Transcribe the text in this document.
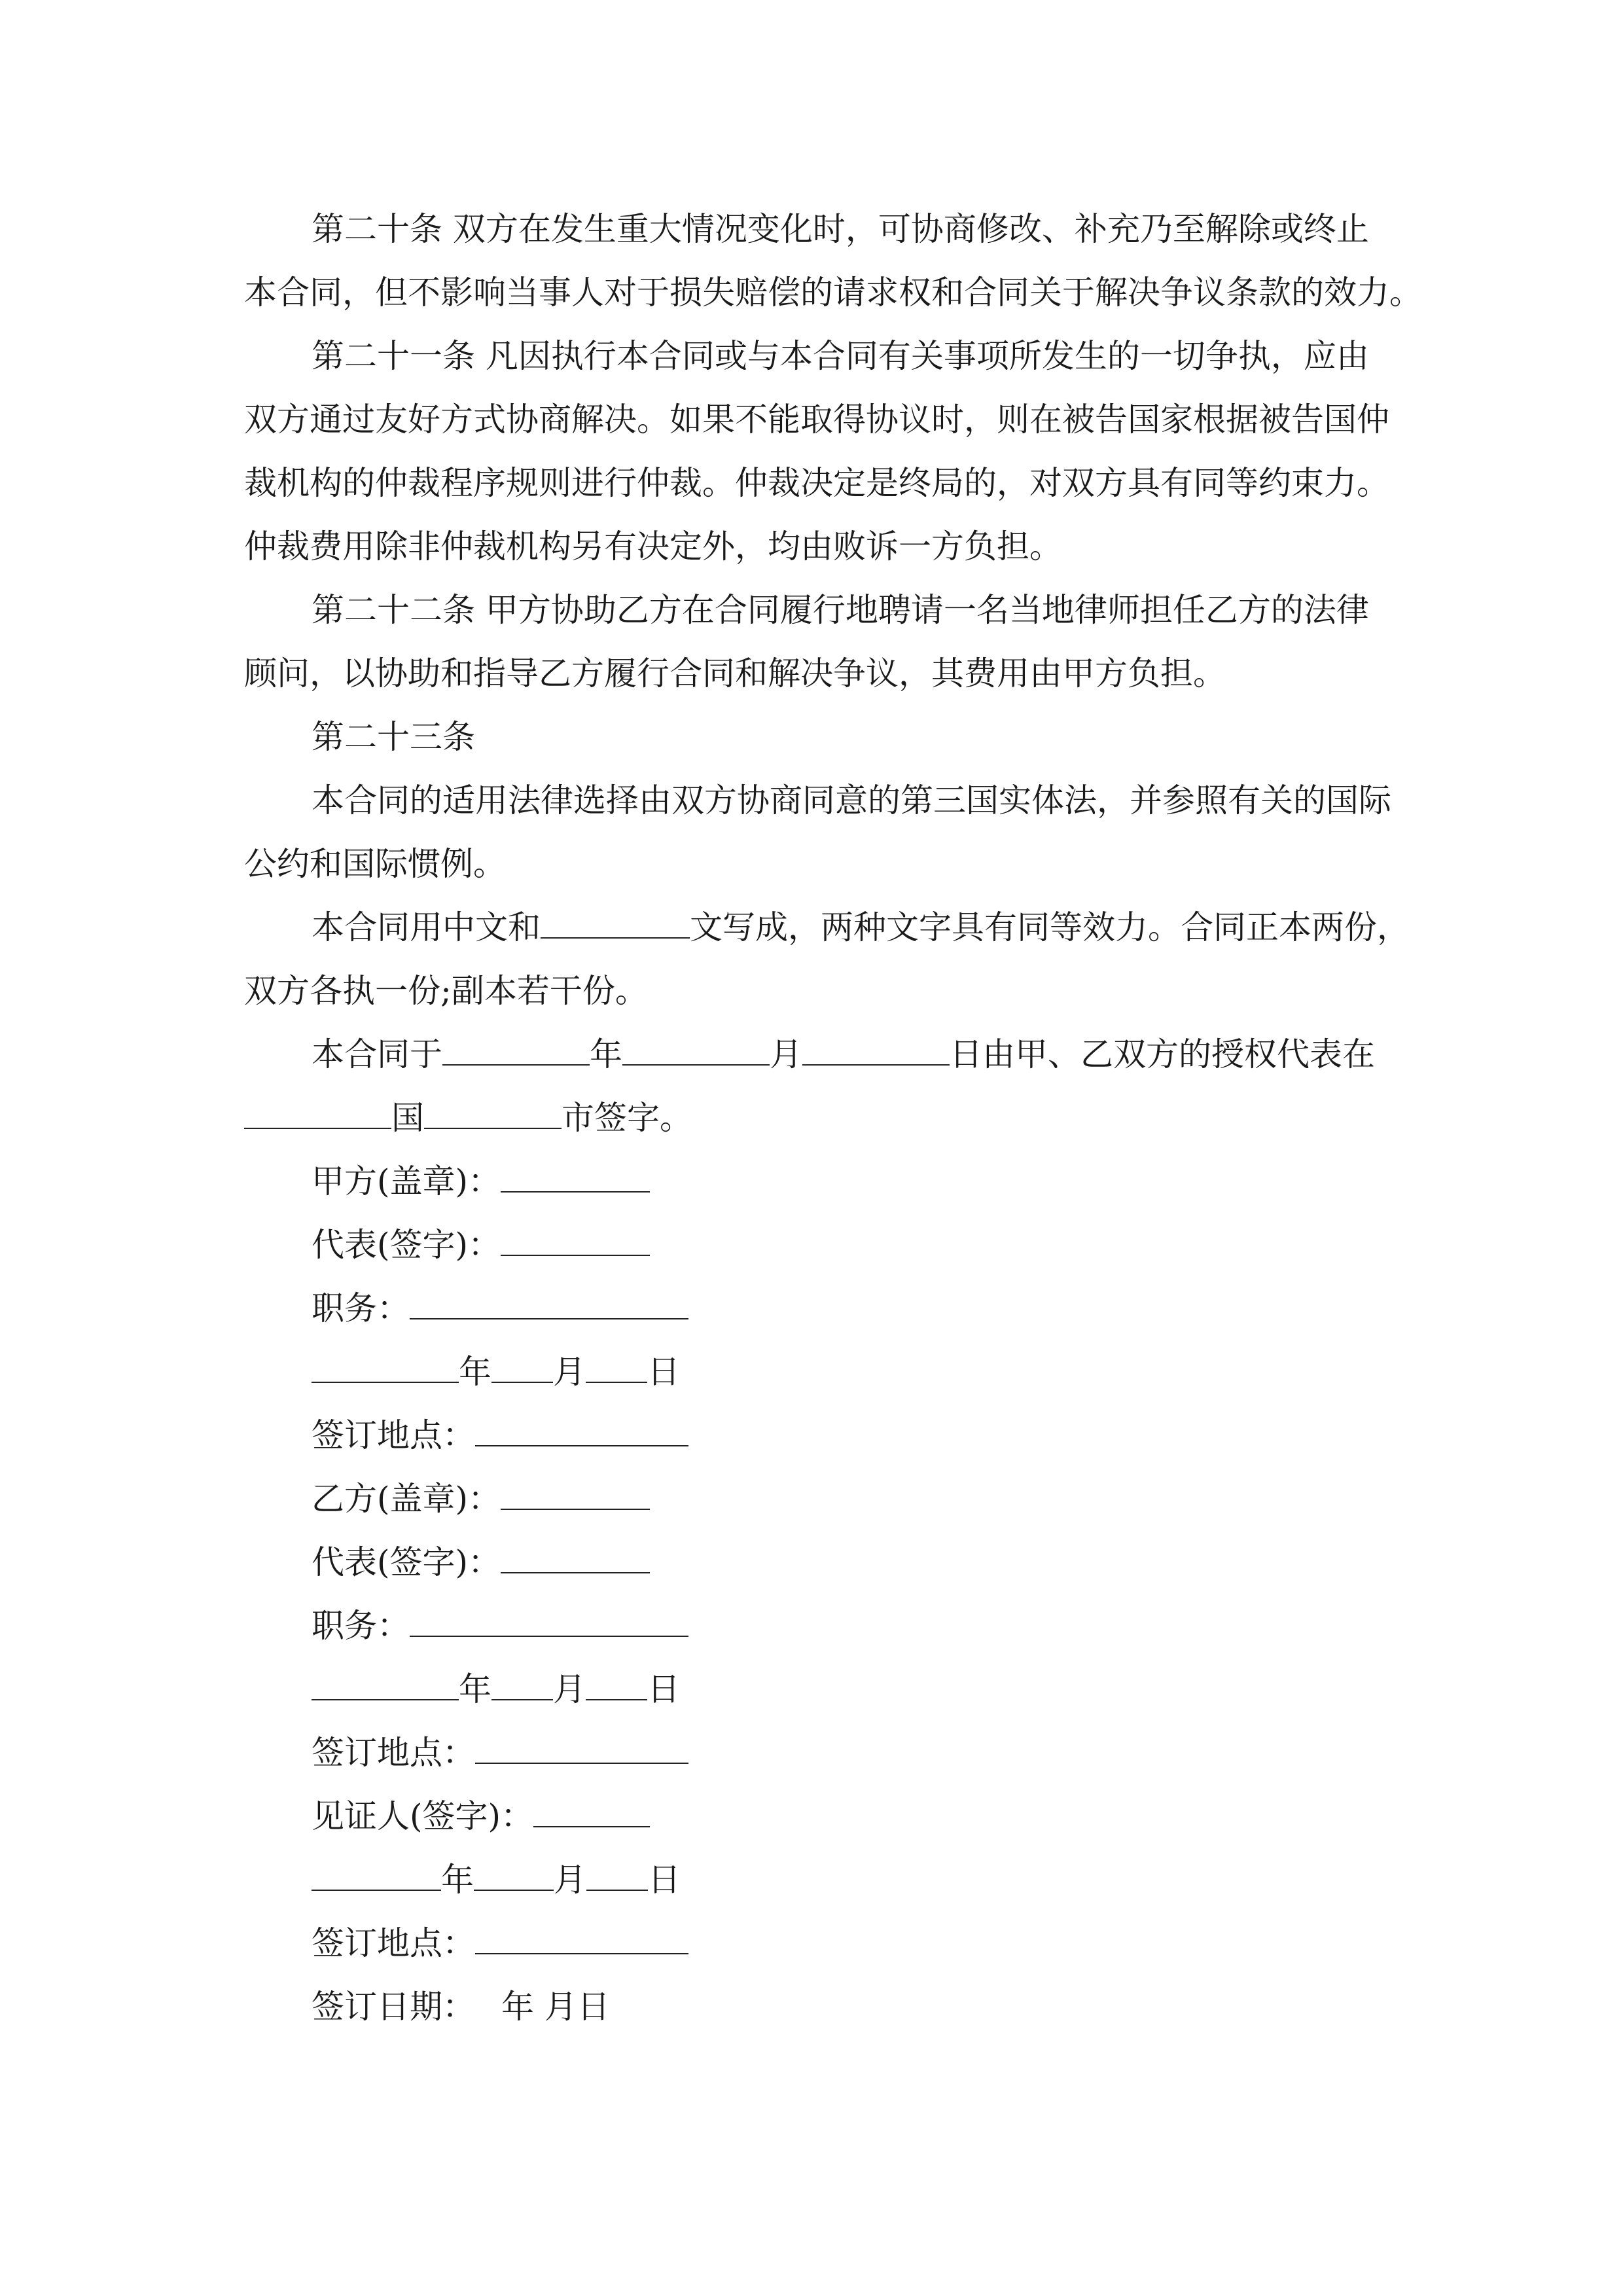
第二十条 双方在发生重大情况变化时，可协商修改、补充乃至解除或终止
本合同，但不影响当事人对于损失赔偿的请求权和合同关于解决争议条款的效力。
第二十一条 凡因执行本合同或与本合同有关事项所发生的一切争执，应由
双方通过友好方式协商解决。如果不能取得协议时，则在被告国家根据被告国仲
裁机构的仲裁程序规则进行仲裁。仲裁决定是终局的，对双方具有同等约束力。
仲裁费用除非仲裁机构另有决定外，均由败诉一方负担。
第二十二条 甲方协助乙方在合同履行地聘请一名当地律师担任乙方的法律
顾问，以协助和指导乙方履行合同和解决争议，其费用由甲方负担。
第二十三条
本合同的适用法律选择由双方协商同意的第三国实体法，并参照有关的国际
公约和国际惯例。
本合同用中文和	文写成，两种文字具有同等效力。合同正本两份，
双方各执一份;副本若干份。
本合同于	年	月	日由甲、乙双方的授权代表在
国	市签字。
甲方(盖章)：
代表(签字)：
职务：
年 月 日
签订地点：
乙方(盖章)：
代表(签字)：
职务：
年 月 日
签订地点：
见证人(签字)：
年 月 日
签订地点：
签订日期： 年 月日
